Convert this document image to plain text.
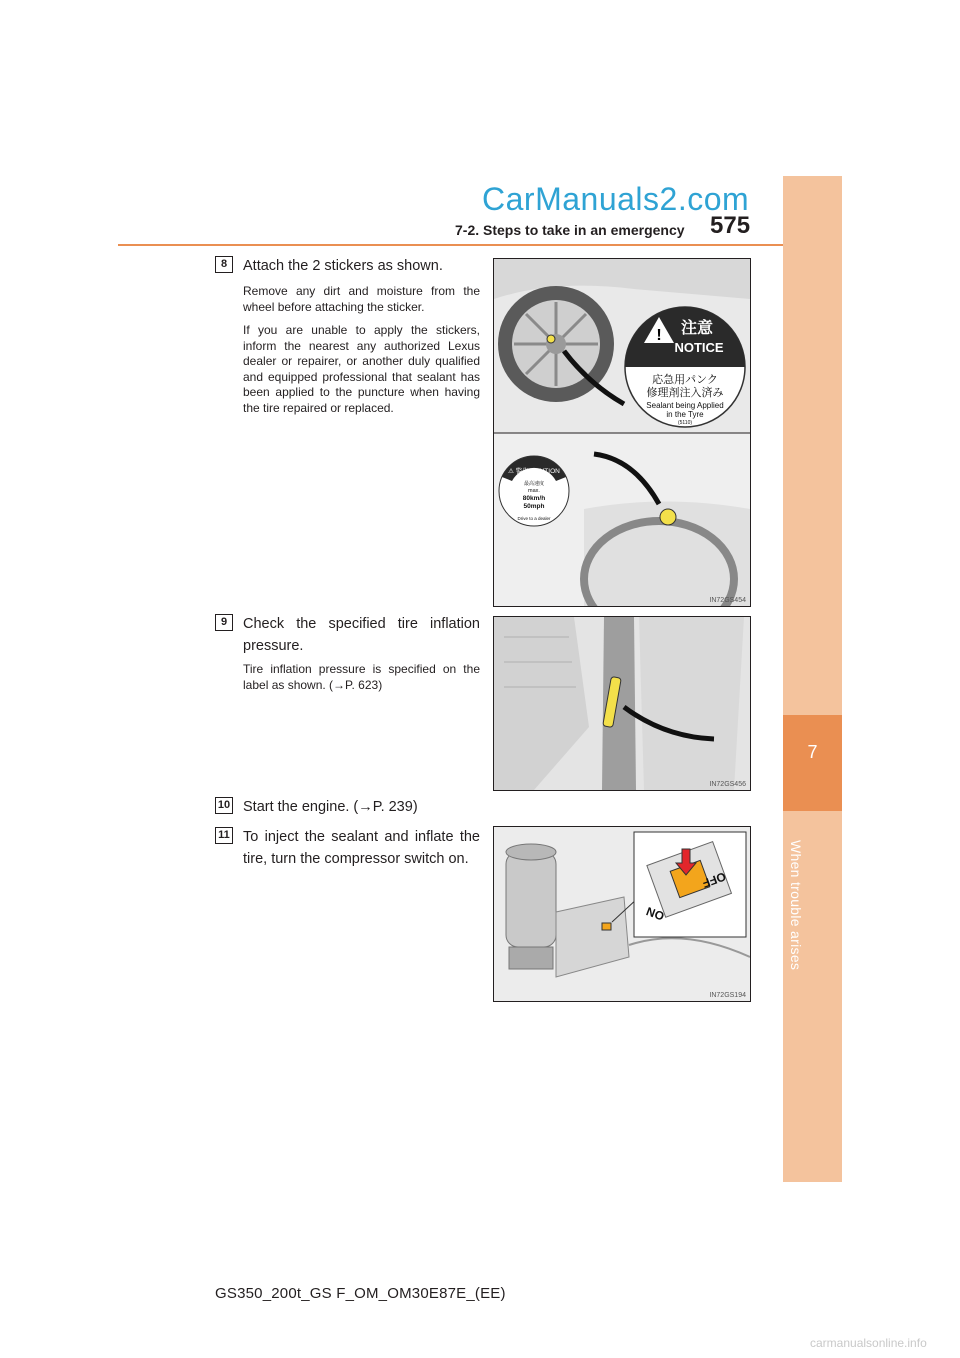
7
When trouble arises
CarManuals2.com
7-2. Steps to take in an emergency 575
8	Attach the 2 stickers as shown.

Remove any dirt and moisture from the wheel before attaching the sticker.

If you are unable to apply the stickers, inform the nearest any authorized Lexus dealer or repairer, or another duly qualified and equipped professional that sealant has been applied to the puncture when having the tire repaired or replaced.

! 注意
NOTICE
応急用パンク
修理剤注入済み
Sealant being Applied
in the Tyre
(5110)
⚠ 警告/CAUTION
最高速度
max.
80km/h
50mph
Drive to a dealer
IN72GS454
9	Check the specified tire inflation pressure.

Tire inflation pressure is specified on the label as shown. (→P. 623)

IN72GS456
10 Start the engine. (→P. 239)
11 To inject the sealant and inflate the tire, turn the compressor switch on.
OFF
ON
IN72GS194
GS350_200t_GS F_OM_OM30E87E_(EE)
carmanualsonline.info
